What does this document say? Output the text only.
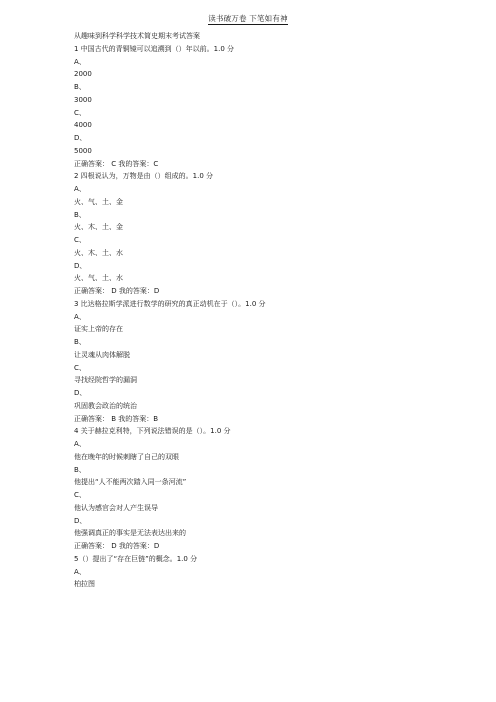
读书破万卷 下笔如有神
从趣味到科学科学技术简史期末考试答案
1 中国古代的青铜镜可以追溯到（）年以前。1.0 分
A、
2000
B、
3000
C、
4000
D、
5000
正确答案： C 我的答案：C
2 四根说认为，万物是由（）组成的。1.0 分
A、
火、气、土、金
B、
火、木、土、金
C、
火、木、土、水
D、
火、气、土、水
正确答案： D 我的答案：D
3 比达格拉斯学派进行数学的研究的真正动机在于（）。1.0 分
A、
证实上帝的存在
B、
让灵魂从肉体解脱
C、
寻找经院哲学的漏洞
D、
巩固教会政治的统治
正确答案： B 我的答案：B
4 关于赫拉克利特，下列说法错误的是（）。1.0 分
A、
他在晚年的时候刺瞎了自己的双眼
B、
他提出“人不能两次踏入同一条河流”
C、
他认为感官会对人产生误导
D、
他强调真正的事实是无法表达出来的
正确答案： D 我的答案：D
5（）提出了“存在巨链”的概念。1.0 分
A、
柏拉图
